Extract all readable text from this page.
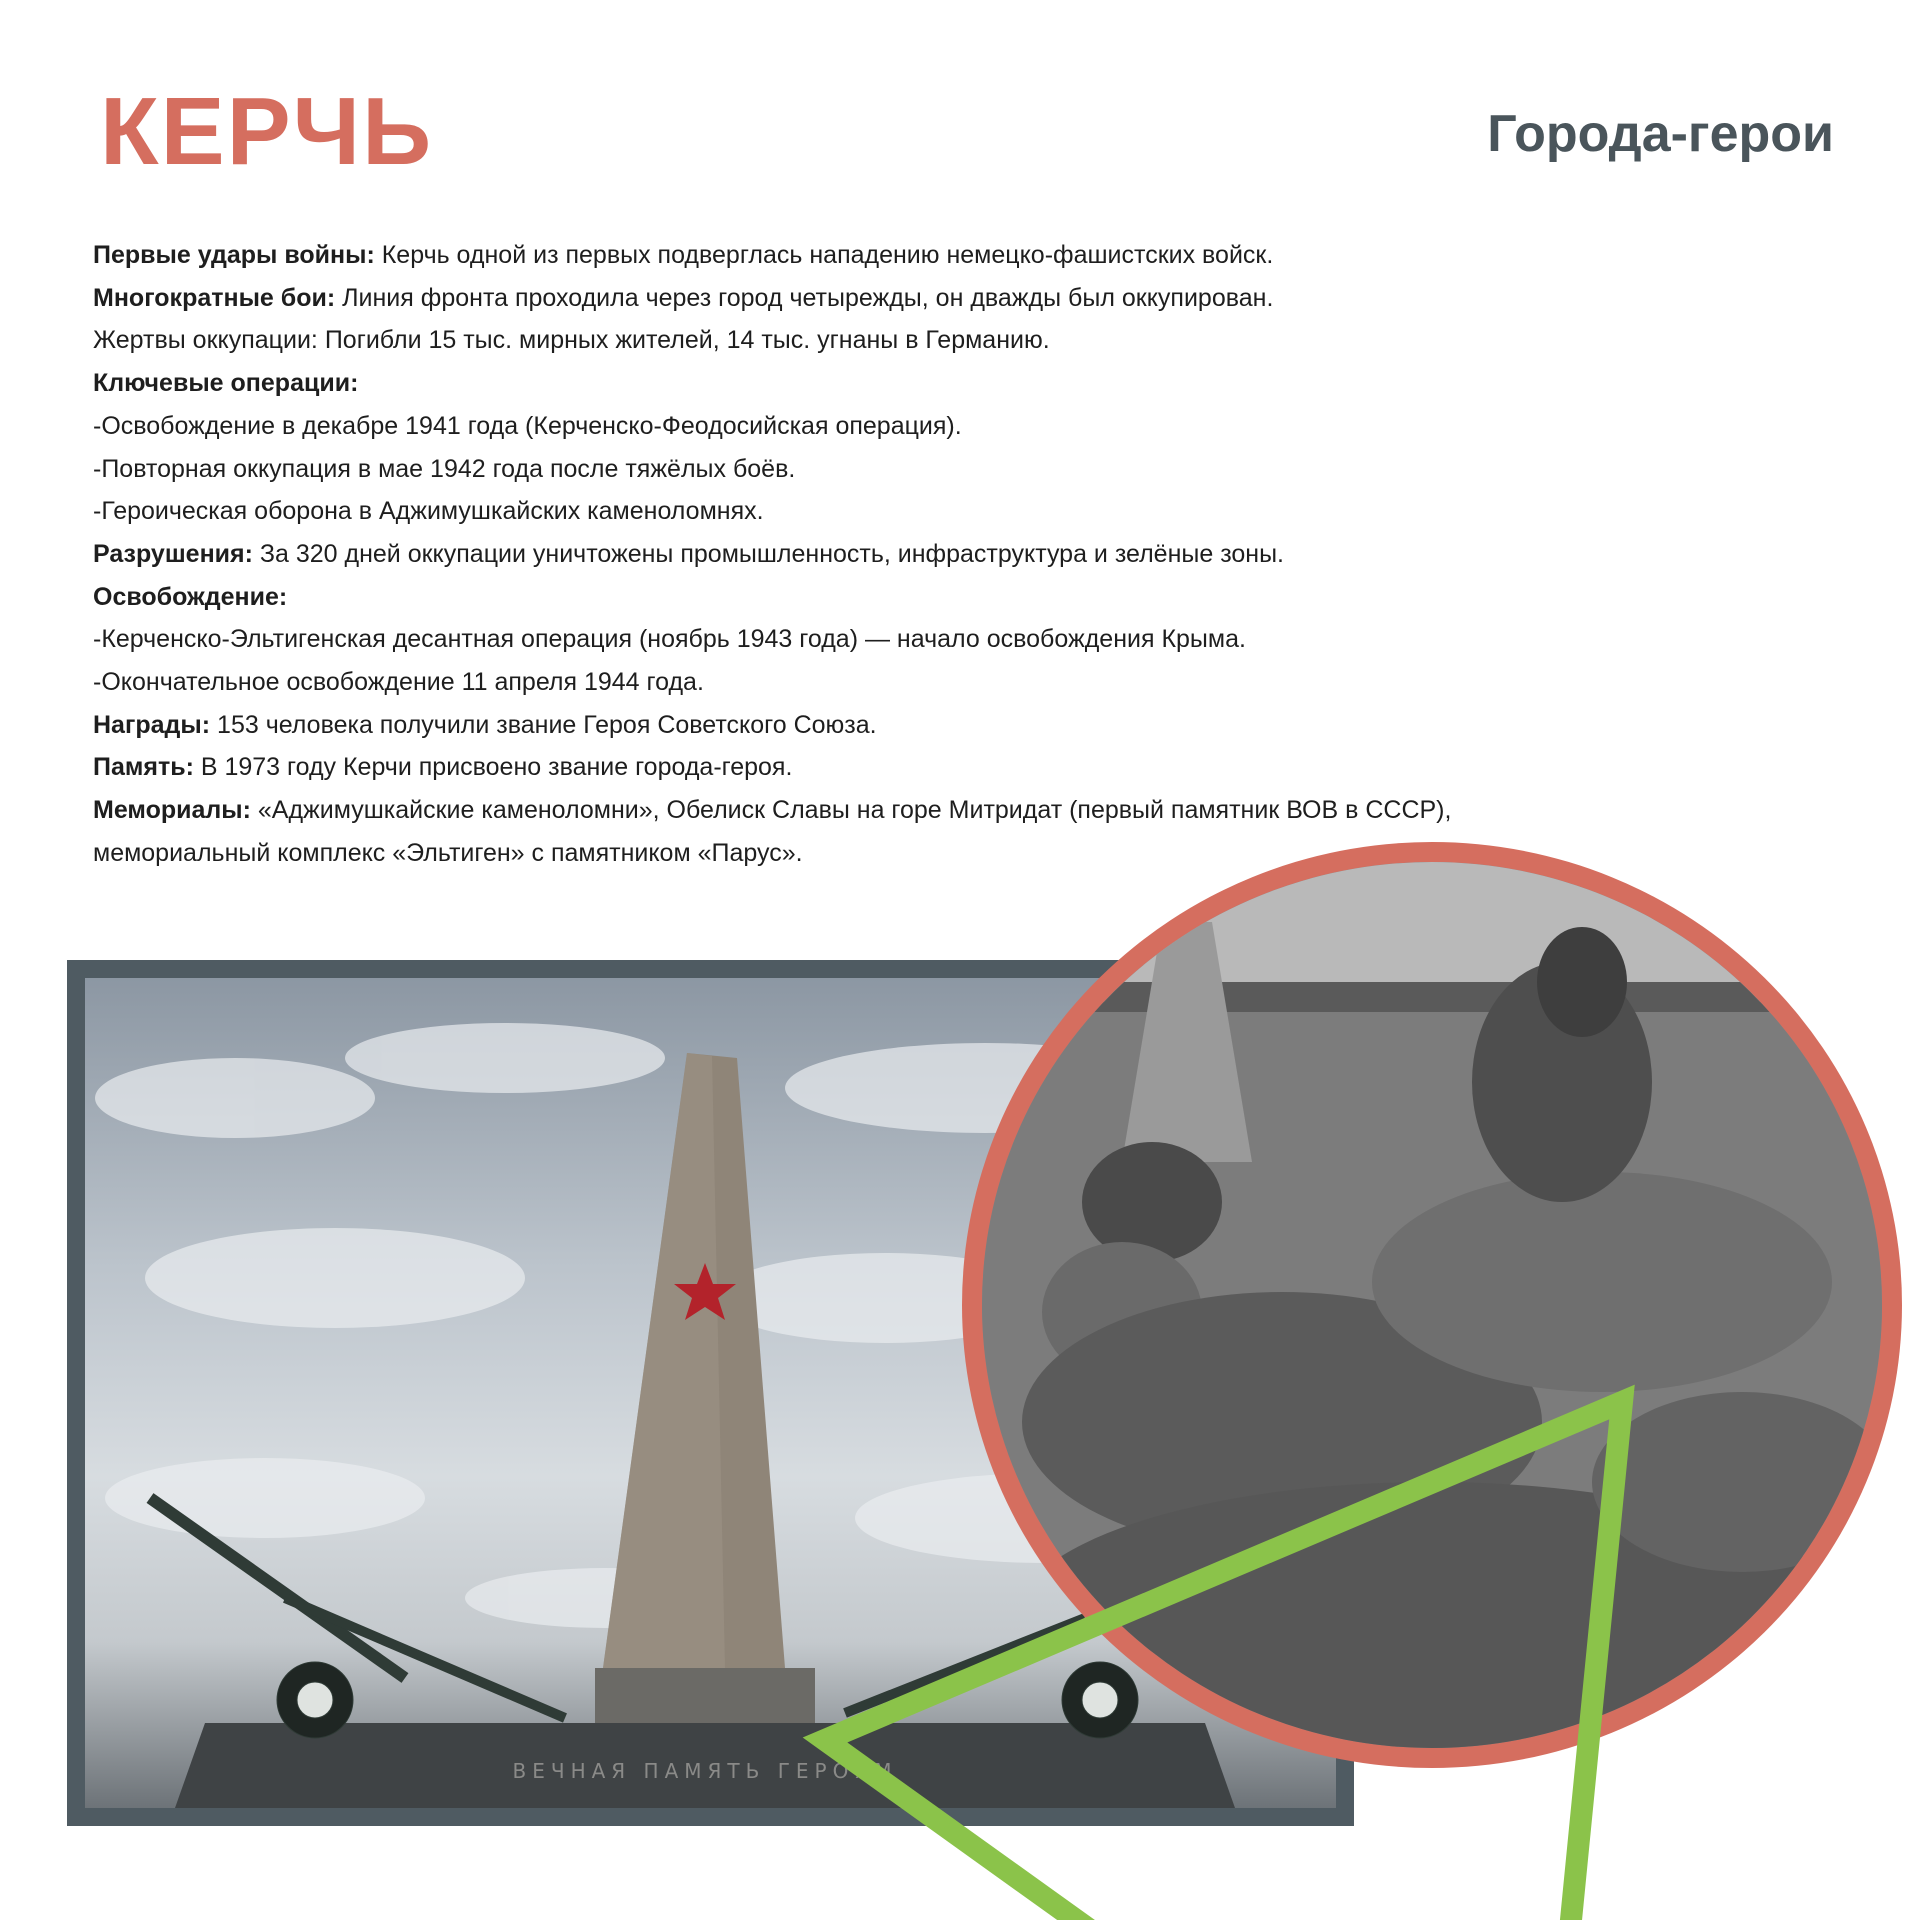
КЕРЧЬ	Города-герои

Первые удары войны: Керчь одной из первых подверглась нападению немецко-фашистских войск.

Многократные бои: Линия фронта проходила через город четырежды, он дважды был оккупирован.

Жертвы оккупации: Погибли 15 тыс. мирных жителей, 14 тыс. угнаны в Германию.

Ключевые операции:

-Освобождение в декабре 1941 года (Керченско-Феодосийская операция).

-Повторная оккупация в мае 1942 года после тяжёлых боёв.

-Героическая оборона в Аджимушкайских каменоломнях.

Разрушения: За 320 дней оккупации уничтожены промышленность, инфраструктура и зелёные зоны.

Освобождение:

-Керченско-Эльтигенская десантная операция (ноябрь 1943 года) — начало освобождения Крыма.

-Окончательное освобождение 11 апреля 1944 года.

Награды: 153 человека получили звание Героя Советского Союза.

Память: В 1973 году Керчи присвоено звание города-героя.

Мемориалы: «Аджимушкайские каменоломни», Обелиск Славы на горе Митридат (первый памятник ВОВ в СССР),

мемориальный комплекс «Эльтиген» с памятником «Парус».

ВЕЧНАЯ ПАМЯТЬ ГЕРОЯМ
